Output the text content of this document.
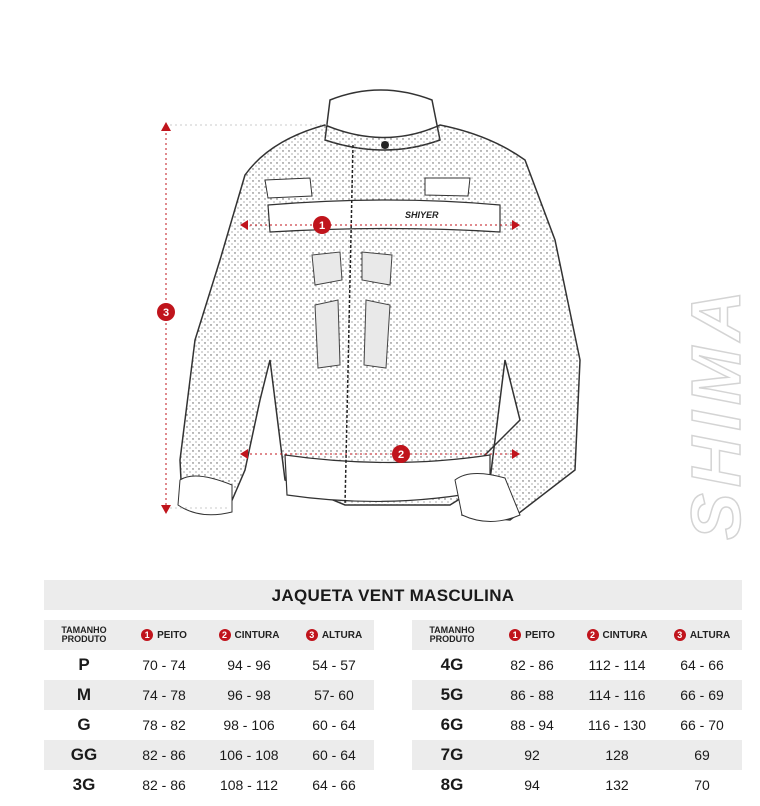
SHIYER
1
2
3	SHIMA
JAQUETA VENT MASCULINA
TAMANHO
PRODUTO	1 PEITO	2 CINTURA	3 ALTURA
P	70 - 74	94 - 96	54 - 57
M	74 - 78	96 - 98	57- 60
G	78 - 82	98 - 106	60 - 64
GG	82 - 86	106 - 108	60 - 64
3G	82 - 86	108 - 112	64 - 66
TAMANHO
PRODUTO	1 PEITO	2 CINTURA	3 ALTURA
4G	82 - 86	112 - 114	64 - 66
5G	86 - 88	114 - 116	66 - 69
6G	88 - 94	116 - 130	66 - 70
7G	92	128	69
8G	94	132	70
